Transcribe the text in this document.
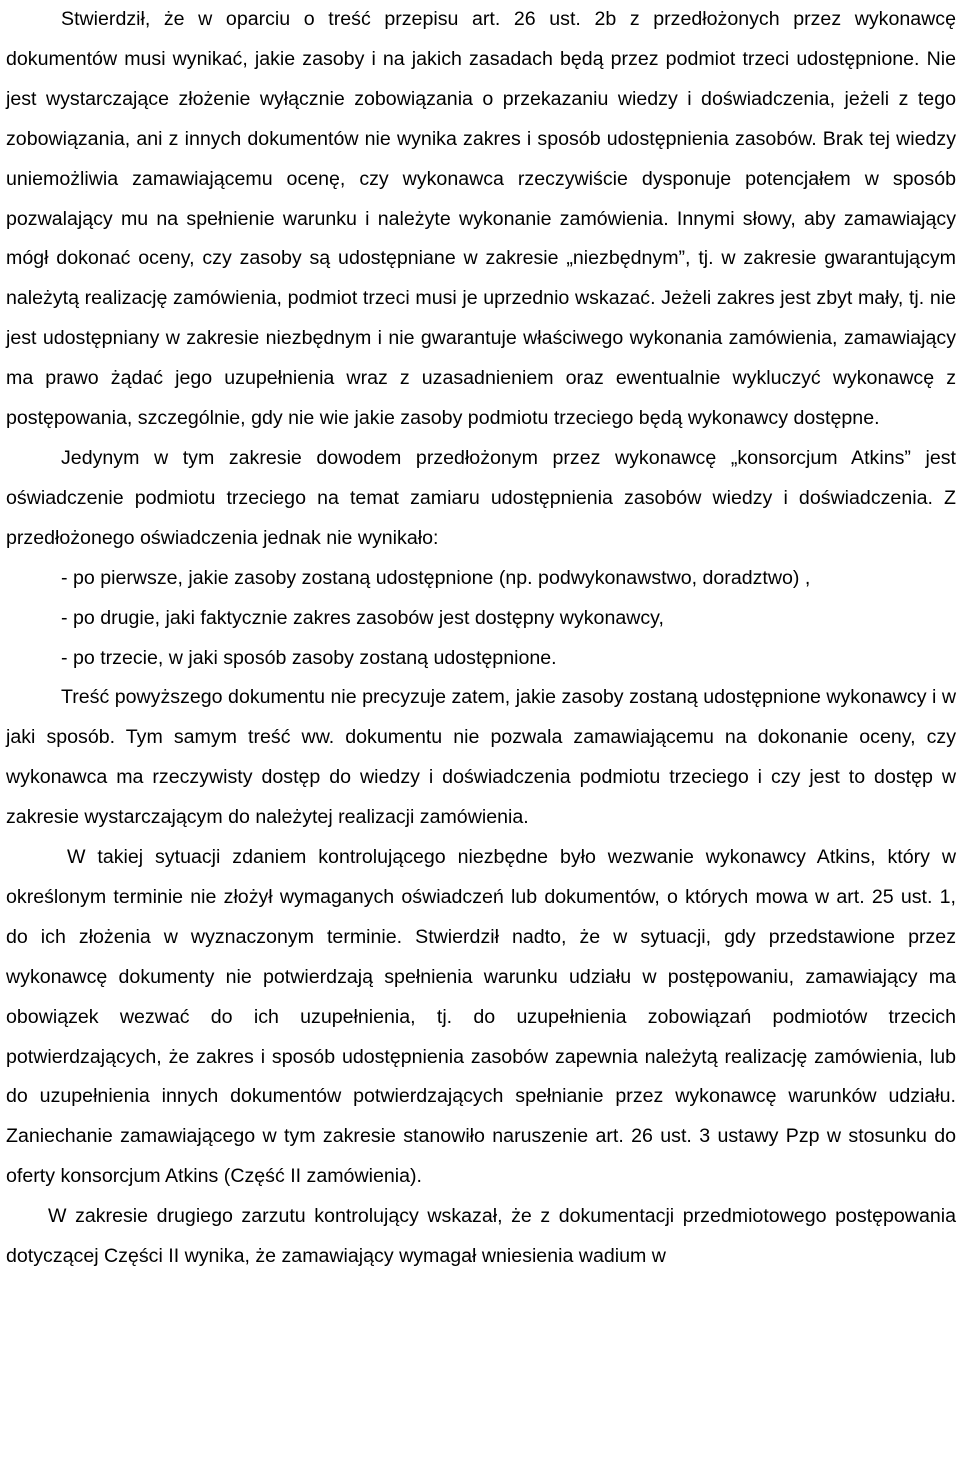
Stwierdził, że w oparciu o treść przepisu art. 26 ust. 2b z przedłożonych przez wykonawcę dokumentów musi wynikać, jakie zasoby i na jakich zasadach będą przez podmiot trzeci udostępnione. Nie jest wystarczające złożenie wyłącznie zobowiązania o przekazaniu wiedzy i doświadczenia, jeżeli z tego zobowiązania, ani z innych dokumentów nie wynika zakres i sposób udostępnienia zasobów. Brak tej wiedzy uniemożliwia zamawiającemu ocenę, czy wykonawca rzeczywiście dysponuje potencjałem w sposób pozwalający mu na spełnienie warunku i należyte wykonanie zamówienia. Innymi słowy, aby zamawiający mógł dokonać oceny, czy zasoby są udostępniane w zakresie „niezbędnym”, tj. w zakresie gwarantującym należytą realizację zamówienia, podmiot trzeci musi je uprzednio wskazać. Jeżeli zakres jest zbyt mały, tj. nie jest udostępniany w zakresie niezbędnym i nie gwarantuje właściwego wykonania zamówienia, zamawiający ma prawo żądać jego uzupełnienia wraz z uzasadnieniem oraz ewentualnie wykluczyć wykonawcę z postępowania, szczególnie, gdy nie wie jakie zasoby podmiotu trzeciego będą wykonawcy dostępne.

Jedynym w tym zakresie dowodem przedłożonym przez wykonawcę „konsorcjum Atkins” jest oświadczenie podmiotu trzeciego na temat zamiaru udostępnienia zasobów wiedzy i doświadczenia. Z przedłożonego oświadczenia jednak nie wynikało:

- po pierwsze, jakie zasoby zostaną udostępnione (np. podwykonawstwo, doradztwo) ,
- po drugie, jaki faktycznie zakres zasobów jest dostępny wykonawcy,
- po trzecie, w jaki sposób zasoby zostaną udostępnione.

Treść powyższego dokumentu nie precyzuje zatem, jakie zasoby zostaną udostępnione wykonawcy i w jaki sposób. Tym samym treść ww. dokumentu nie pozwala zamawiającemu na dokonanie oceny, czy wykonawca ma rzeczywisty dostęp do wiedzy i doświadczenia podmiotu trzeciego i czy jest to dostęp w zakresie wystarczającym do należytej realizacji zamówienia.

W takiej sytuacji zdaniem kontrolującego niezbędne było wezwanie wykonawcy Atkins, który w określonym terminie nie złożył wymaganych oświadczeń lub dokumentów, o których mowa w art. 25 ust. 1, do ich złożenia w wyznaczonym terminie. Stwierdził nadto, że w sytuacji, gdy przedstawione przez wykonawcę dokumenty nie potwierdzają spełnienia warunku udziału w postępowaniu, zamawiający ma obowiązek wezwać do ich uzupełnienia, tj. do uzupełnienia zobowiązań podmiotów trzecich potwierdzających, że zakres i sposób udostępnienia zasobów zapewnia należytą realizację zamówienia, lub do uzupełnienia innych dokumentów potwierdzających spełnianie przez wykonawcę warunków udziału. Zaniechanie zamawiającego w tym zakresie stanowiło naruszenie art. 26 ust. 3 ustawy Pzp w stosunku do oferty konsorcjum Atkins (Część II zamówienia).

W zakresie drugiego zarzutu kontrolujący wskazał, że z dokumentacji przedmiotowego postępowania dotyczącej Części II wynika, że zamawiający wymagał wniesienia wadium w
